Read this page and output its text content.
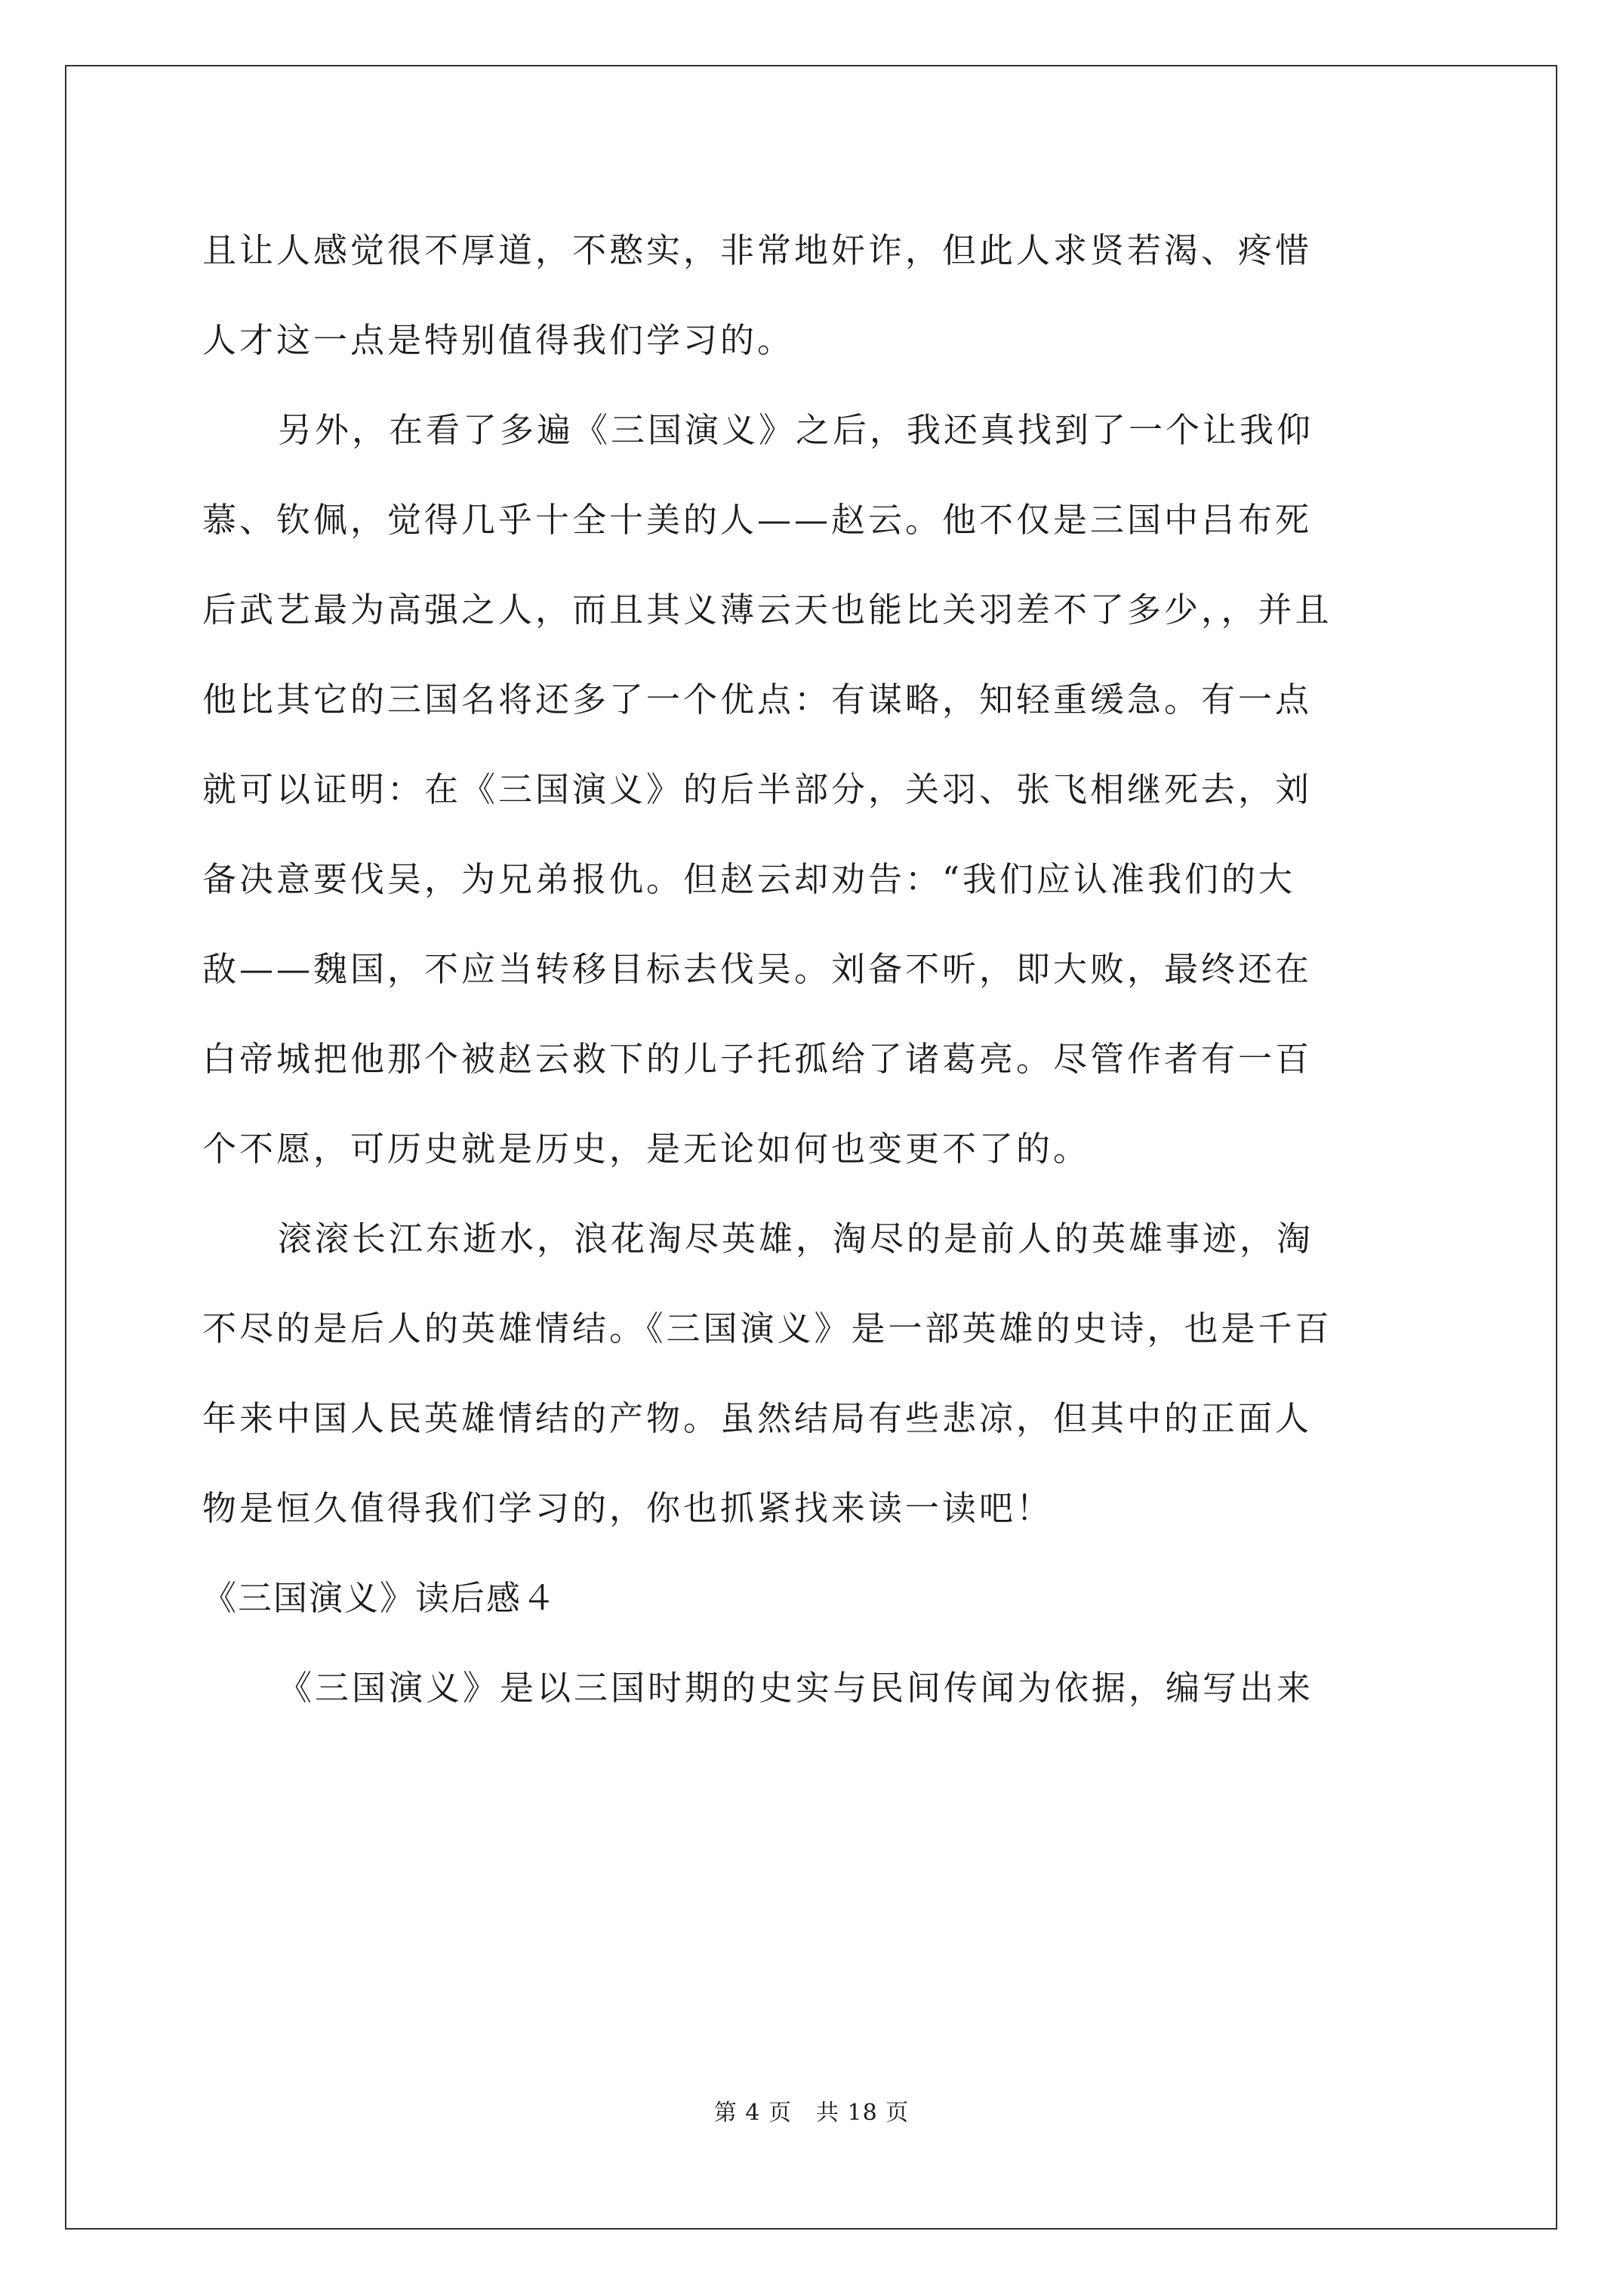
且让人感觉很不厚道，不憨实，非常地奸诈，但此人求贤若渴、疼惜
人才这一点是特别值得我们学习的。
另外，在看了多遍《三国演义》之后，我还真找到了一个让我仰
慕、钦佩，觉得几乎十全十美的人——赵云。他不仅是三国中吕布死
后武艺最为高强之人，而且其义薄云天也能比关羽差不了多少，，并且
他比其它的三国名将还多了一个优点：有谋略，知轻重缓急。有一点
就可以证明：在《三国演义》的后半部分，关羽、张飞相继死去，刘
备决意要伐吴，为兄弟报仇。但赵云却劝告：“我们应认准我们的大
敌——魏国，不应当转移目标去伐吴。刘备不听，即大败，最终还在
白帝城把他那个被赵云救下的儿子托孤给了诸葛亮。尽管作者有一百
个不愿，可历史就是历史，是无论如何也变更不了的。
滚滚长江东逝水，浪花淘尽英雄，淘尽的是前人的英雄事迹，淘
不尽的是后人的英雄情结。《三国演义》是一部英雄的史诗，也是千百
年来中国人民英雄情结的产物。虽然结局有些悲凉，但其中的正面人
物是恒久值得我们学习的，你也抓紧找来读一读吧！
《三国演义》读后感４
《三国演义》是以三国时期的史实与民间传闻为依据，编写出来
第 4 页 共 18 页
